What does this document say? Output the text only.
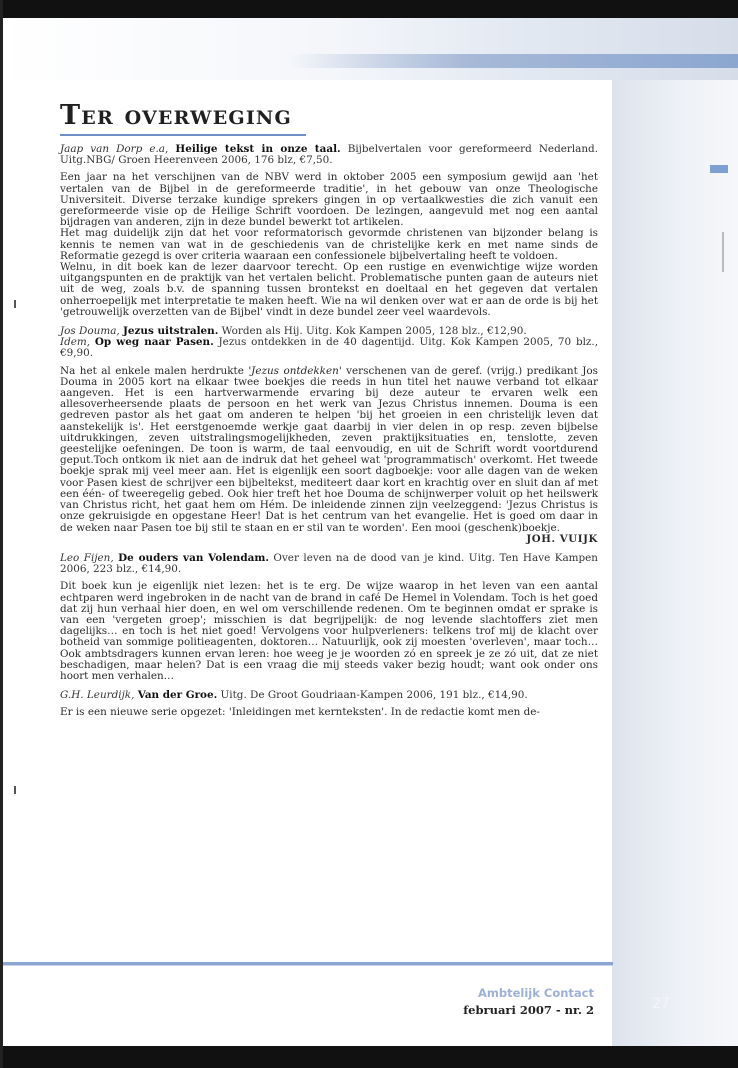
Ter overweging

Jaap van Dorp e.a, Heilige tekst in onze taal. Bijbelvertalen voor gereformeerd Nederland. Uitg.NBG/ Groen Heerenveen 2006, 176 blz, €7,50.

Een jaar na het verschijnen van de NBV werd in oktober 2005 een symposium gewijd aan 'het vertalen van de Bijbel in de gereformeerde traditie', in het gebouw van onze Theologische Universiteit. Diverse terzake kundige sprekers gingen in op vertaalkwesties die zich vanuit een gereformeerde visie op de Heilige Schrift voordoen. De lezingen, aangevuld met nog een aantal bijdragen van anderen, zijn in deze bundel bewerkt tot artikelen.

Het mag duidelijk zijn dat het voor reformatorisch gevormde christenen van bijzonder belang is kennis te nemen van wat in de geschiedenis van de christelijke kerk en met name sinds de Reformatie gezegd is over criteria waaraan een confessionele bijbelvertaling heeft te voldoen.

Welnu, in dit boek kan de lezer daarvoor terecht. Op een rustige en evenwichtige wijze worden uitgangspunten en de praktijk van het vertalen belicht. Problematische punten gaan de auteurs niet uit de weg, zoals b.v. de spanning tussen brontekst en doeltaal en het gegeven dat vertalen onherroepelijk met interpretatie te maken heeft. Wie na wil denken over wat er aan de orde is bij het 'getrouwelijk overzetten van de Bijbel' vindt in deze bundel zeer veel waardevols.

Jos Douma, Jezus uitstralen. Worden als Hij. Uitg. Kok Kampen 2005, 128 blz., €12,90.

Idem, Op weg naar Pasen. Jezus ontdekken in de 40 dagentijd. Uitg. Kok Kampen 2005, 70 blz., €9,90.

Na het al enkele malen herdrukte 'Jezus ontdekken' verschenen van de geref. (vrijg.) predikant Jos Douma in 2005 kort na elkaar twee boekjes die reeds in hun titel het nauwe verband tot elkaar aangeven. Het is een hartverwarmende ervaring bij deze auteur te ervaren welk een allesoverheersende plaats de persoon en het werk van Jezus Christus innemen. Douma is een gedreven pastor als het gaat om anderen te helpen 'bij het groeien in een christelijk leven dat aanstekelijk is'. Het eerstgenoemde werkje gaat daarbij in vier delen in op resp. zeven bijbelse uitdrukkingen, zeven uitstralingsmogelijkheden, zeven praktijksituaties en, tenslotte, zeven geestelijke oefeningen. De toon is warm, de taal eenvoudig, en uit de Schrift wordt voortdurend geput.Toch ontkom ik niet aan de indruk dat het geheel wat 'programmatisch' overkomt. Het tweede boekje sprak mij veel meer aan. Het is eigenlijk een soort dagboekje: voor alle dagen van de weken voor Pasen kiest de schrijver een bijbeltekst, mediteert daar kort en krachtig over en sluit dan af met een één- of tweeregelig gebed. Ook hier treft het hoe Douma de schijnwerper voluit op het heilswerk van Christus richt, het gaat hem om Hém. De inleidende zinnen zijn veelzeggend: 'Jezus Christus is onze gekruisigde en opgestane Heer! Dat is het centrum van het evangelie. Het is goed om daar in de weken naar Pasen toe bij stil te staan en er stil van te worden'. Een mooi (geschenk)boekje.

JOH. VUIJK

Leo Fijen, De ouders van Volendam. Over leven na de dood van je kind. Uitg. Ten Have Kampen 2006, 223 blz., €14,90.

Dit boek kun je eigenlijk niet lezen: het is te erg. De wijze waarop in het leven van een aantal echtparen werd ingebroken in de nacht van de brand in café De Hemel in Volendam. Toch is het goed dat zij hun verhaal hier doen, en wel om verschillende redenen. Om te beginnen omdat er sprake is van een 'vergeten groep'; misschien is dat begrijpelijk: de nog levende slachtoffers ziet men dagelijks… en toch is het niet goed! Vervolgens voor hulpverleners: telkens trof mij de klacht over botheid van sommige politieagenten, doktoren… Natuurlijk, ook zij moesten 'overleven', maar toch… Ook ambtsdragers kunnen ervan leren: hoe weeg je je woorden zó en spreek je ze zó uit, dat ze niet beschadigen, maar helen? Dat is een vraag die mij steeds vaker bezig houdt; want ook onder ons hoort men verhalen…

G.H. Leurdijk, Van der Groe. Uitg. De Groot Goudriaan-Kampen 2006, 191 blz., €14,90.

Er is een nieuwe serie opgezet: 'Inleidingen met kernteksten'. In de redactie komt men de-

Ambtelijk Contact
februari 2007 - nr. 2	27
